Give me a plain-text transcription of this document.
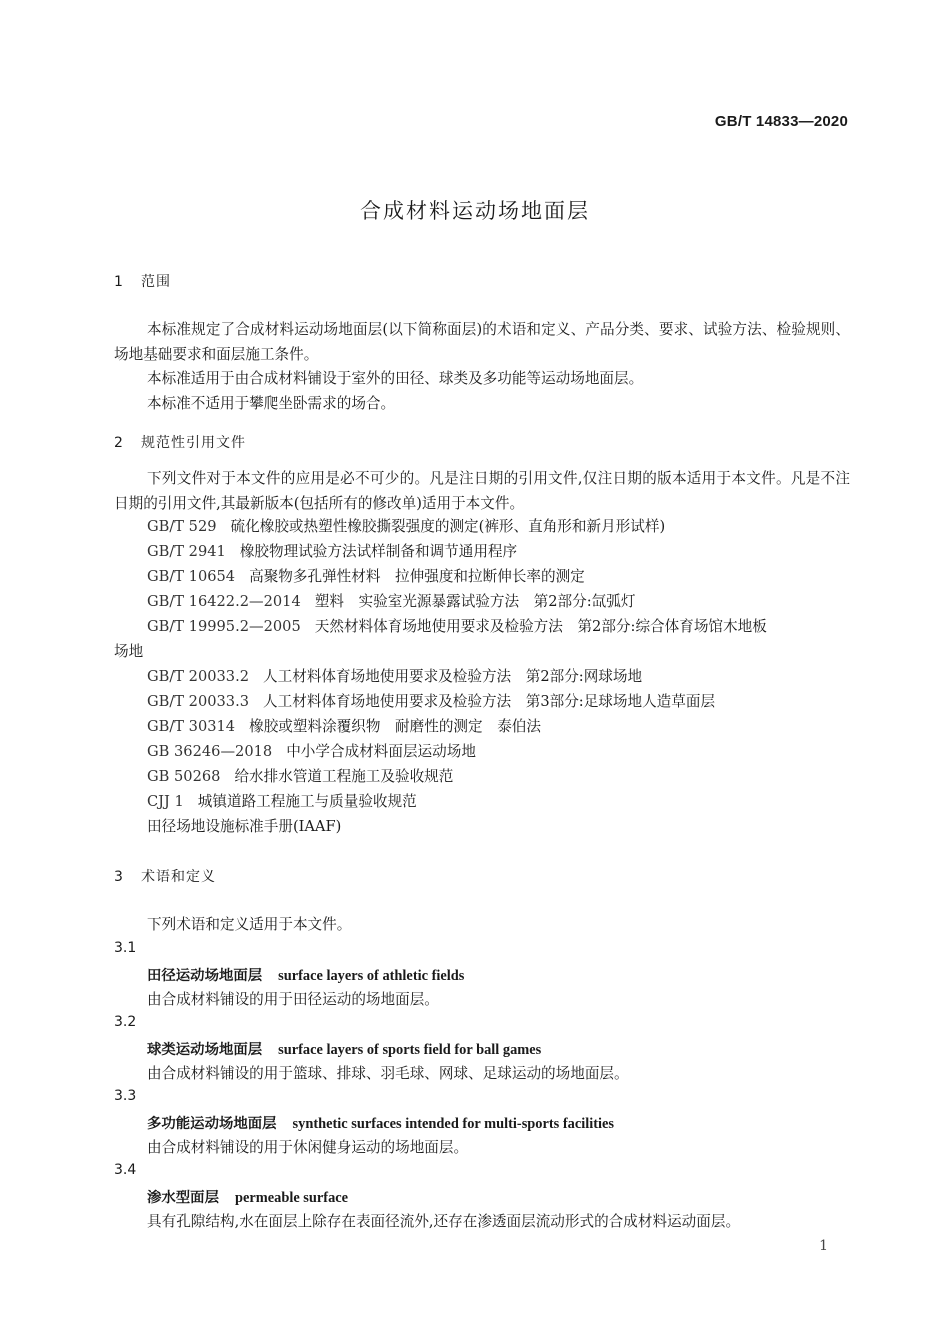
GB/T 14833—2020
合成材料运动场地面层
1 范围
本标准规定了合成材料运动场地面层(以下简称面层)的术语和定义、产品分类、要求、试验方法、检验规则、场地基础要求和面层施工条件。
本标准适用于由合成材料铺设于室外的田径、球类及多功能等运动场地面层。
本标准不适用于攀爬坐卧需求的场合。
2 规范性引用文件
下列文件对于本文件的应用是必不可少的。凡是注日期的引用文件,仅注日期的版本适用于本文件。凡是不注日期的引用文件,其最新版本(包括所有的修改单)适用于本文件。
GB/T 529 硫化橡胶或热塑性橡胶撕裂强度的测定(裤形、直角形和新月形试样)
GB/T 2941 橡胶物理试验方法试样制备和调节通用程序
GB/T 10654 高聚物多孔弹性材料　拉伸强度和拉断伸长率的测定
GB/T 16422.2—2014 塑料　实验室光源暴露试验方法　第2部分:氙弧灯
GB/T 19995.2—2005 天然材料体育场地使用要求及检验方法　第2部分:综合体育场馆木地板
场地
GB/T 20033.2 人工材料体育场地使用要求及检验方法　第2部分:网球场地
GB/T 20033.3 人工材料体育场地使用要求及检验方法　第3部分:足球场地人造草面层
GB/T 30314 橡胶或塑料涂覆织物　耐磨性的测定　泰伯法
GB 36246—2018 中小学合成材料面层运动场地
GB 50268 给水排水管道工程施工及验收规范
CJJ 1 城镇道路工程施工与质量验收规范
田径场地设施标准手册(IAAF)
3 术语和定义
下列术语和定义适用于本文件。
3.1
田径运动场地面层 surface layers of athletic fields
由合成材料铺设的用于田径运动的场地面层。
3.2
球类运动场地面层 surface layers of sports field for ball games
由合成材料铺设的用于篮球、排球、羽毛球、网球、足球运动的场地面层。
3.3
多功能运动场地面层 synthetic surfaces intended for multi-sports facilities
由合成材料铺设的用于休闲健身运动的场地面层。
3.4
渗水型面层 permeable surface
具有孔隙结构,水在面层上除存在表面径流外,还存在渗透面层流动形式的合成材料运动面层。
1
